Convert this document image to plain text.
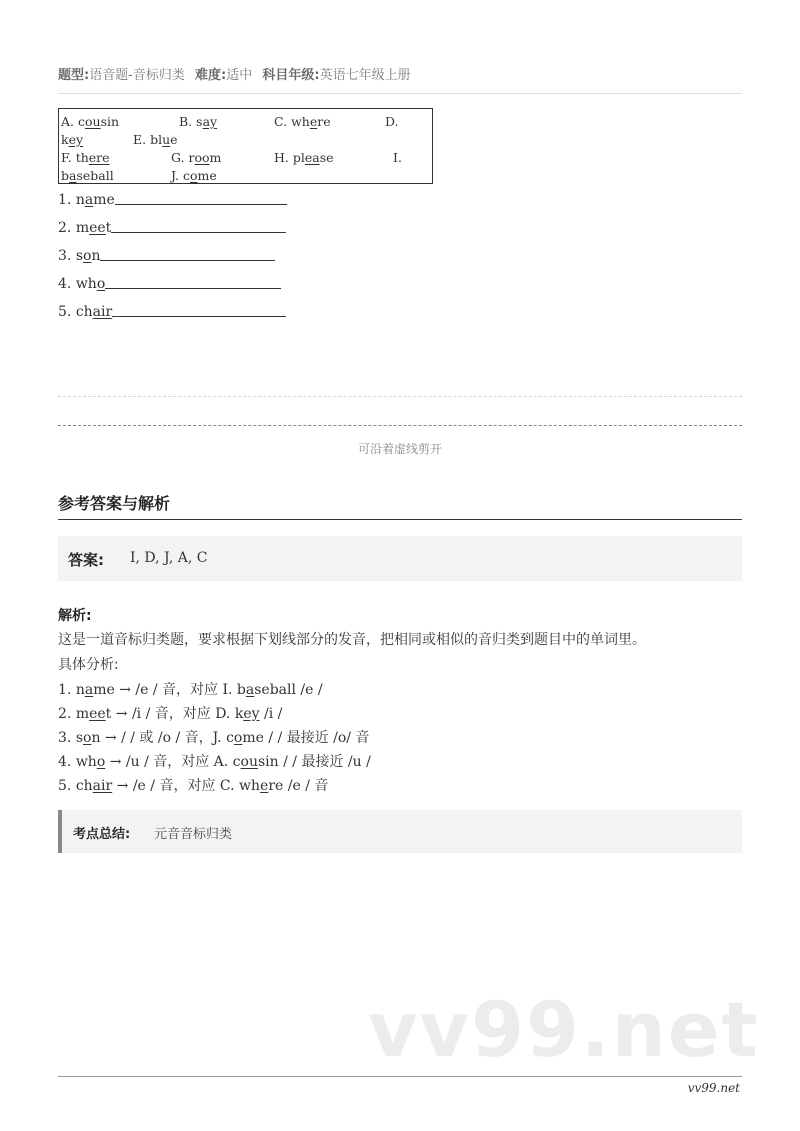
题型:语音题-音标归类 难度:适中 科目年级:英语七年级上册
A. cousin	B. say	C. where	D.
key	E. blue
F. there	G. room	H. please	I.
baseball	J. come
1. name
2. meet
3. son
4. who
5. chair
可沿着虚线剪开
参考答案与解析
答案: I, D, J, A, C
解析:
这是一道音标归类题，要求根据下划线部分的发音，把相同或相似的音归类到题目中的单词里。
具体分析:
1. name → /e / 音，对应 I. baseball /e /
2. meet → /i / 音，对应 D. key /i /
3. son → / / 或 /o / 音，J. come / / 最接近 /o/ 音
4. who → /u / 音，对应 A. cousin / / 最接近 /u /
5. chair → /e / 音，对应 C. where /e / 音
考点总结: 元音音标归类
vv99.net
vv99.net
